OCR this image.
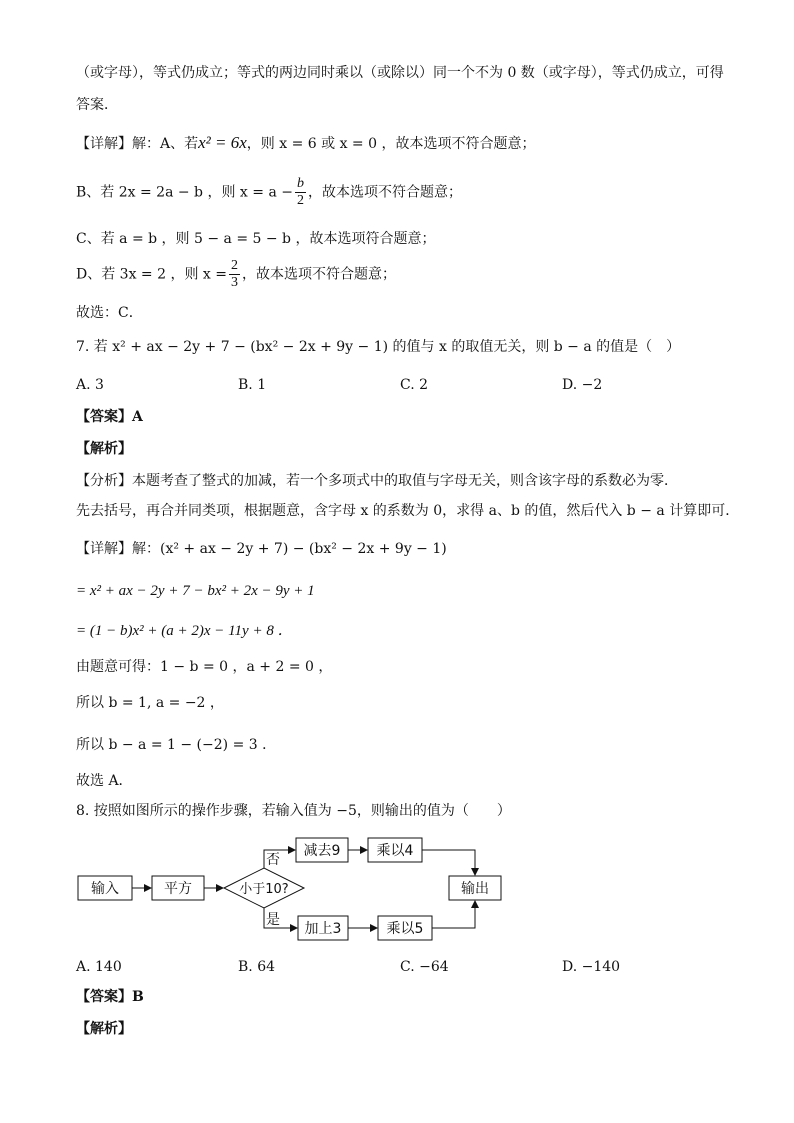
（或字母），等式仍成立；等式的两边同时乘以（或除以）同一个不为 0 数（或字母），等式仍成立，可得
答案．
【详解】解：A、若x² = 6x，则 x = 6 或 x = 0 ，故本选项不符合题意；
B、若 2x = 2a − b ，则 $x = a - \frac{b}{2}$ ，故本选项不符合题意；
C、若 a = b ，则 5 − a = 5 − b ，故本选项符合题意；
D、若 3x = 2 ，则 $x = \frac{2}{3}$ ，故本选项不符合题意；
故选：C．
7. 若 x² + ax − 2y + 7 − (bx² − 2x + 9y − 1) 的值与 x 的取值无关，则 b − a 的值是（　）
A. 3	B. 1	C. 2	D. −2
【答案】A
【解析】
【分析】本题考查了整式的加减，若一个多项式中的取值与字母无关，则含该字母的系数必为零．
先去括号，再合并同类项，根据题意，含字母 x 的系数为 0，求得 a、b 的值，然后代入 b − a 计算即可．
【详解】解：(x² + ax − 2y + 7) − (bx² − 2x + 9y − 1)
= x² + ax − 2y + 7 − bx² + 2x − 9y + 1
= (1 − b)x² + (a + 2)x − 11y + 8 ．
由题意可得：1 − b = 0 ，a + 2 = 0 ，
所以 b = 1, a = −2 ，
所以 b − a = 1 − (−2) = 3 ．
故选 A．
8. 按照如图所示的操作步骤，若输入值为 −5，则输出的值为（　　）
输入	平方	小于10?
否
减去9	乘以4
是
加上3	乘以5
输出
A. 140	B. 64	C. −64	D. −140
【答案】B
【解析】
